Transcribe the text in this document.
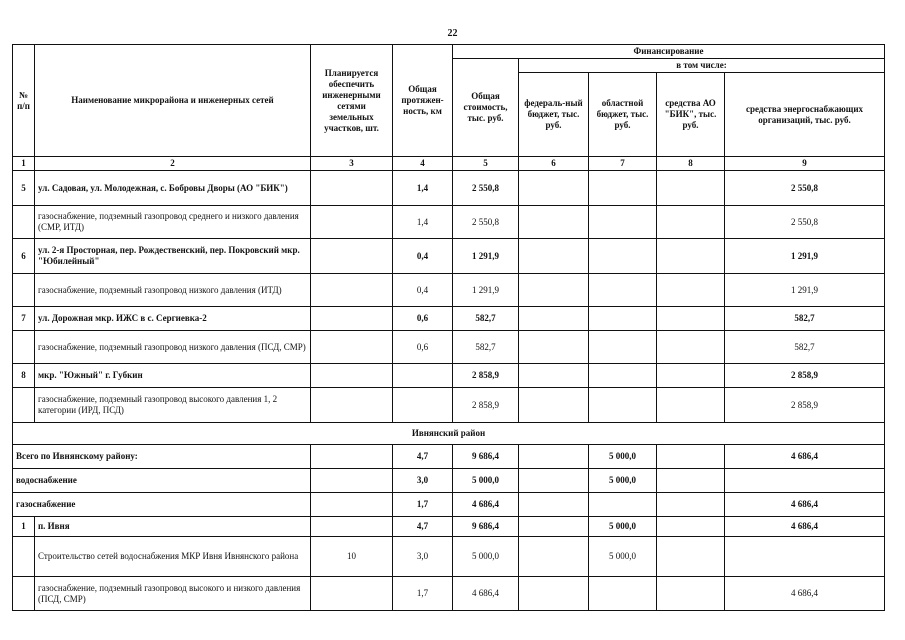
22
№ п/п	Наименование микрорайона и инженерных сетей	Планируется обеспечить инженерными сетями земельных участков, шт.	Общая протяжен-ность, км	Финансирование				
				Общая стоимость, тыс. руб.	в том числе:			
					федераль-ный бюджет, тыс. руб.	областной бюджет, тыс. руб.	средства АО "БИК", тыс. руб.	средства энергоснабжающих организаций, тыс. руб.
1	2	3	4	5	6	7	8	9
5	ул. Садовая, ул. Молодежная, с. Бобровы Дворы (АО "БИК")		1,4	2 550,8				2 550,8
	газоснабжение, подземный газопровод среднего и низкого давления (СМР, ИТД)		1,4	2 550,8				2 550,8
6	ул. 2-я Просторная, пер. Рождественский, пер. Покровский мкр. "Юбилейный"		0,4	1 291,9				1 291,9
	газоснабжение, подземный газопровод низкого давления (ИТД)		0,4	1 291,9				1 291,9
7	ул. Дорожная мкр. ИЖС в с. Сергиевка-2		0,6	582,7				582,7
	газоснабжение, подземный газопровод низкого давления (ПСД, СМР)		0,6	582,7				582,7
8	мкр. "Южный" г. Губкин			2 858,9				2 858,9
	газоснабжение, подземный газопровод высокого давления 1, 2 категории (ИРД, ПСД)			2 858,9				2 858,9
Ивнянский район								
Всего по Ивнянскому району:			4,7	9 686,4		5 000,0		4 686,4
водоснабжение			3,0	5 000,0		5 000,0		
газоснабжение			1,7	4 686,4				4 686,4
1	п. Ивня		4,7	9 686,4		5 000,0		4 686,4
	Строительство сетей водоснабжения МКР Ивня Ивнянского района	10	3,0	5 000,0		5 000,0		
	газоснабжение, подземный газопровод высокого и низкого давления (ПСД, СМР)		1,7	4 686,4				4 686,4
